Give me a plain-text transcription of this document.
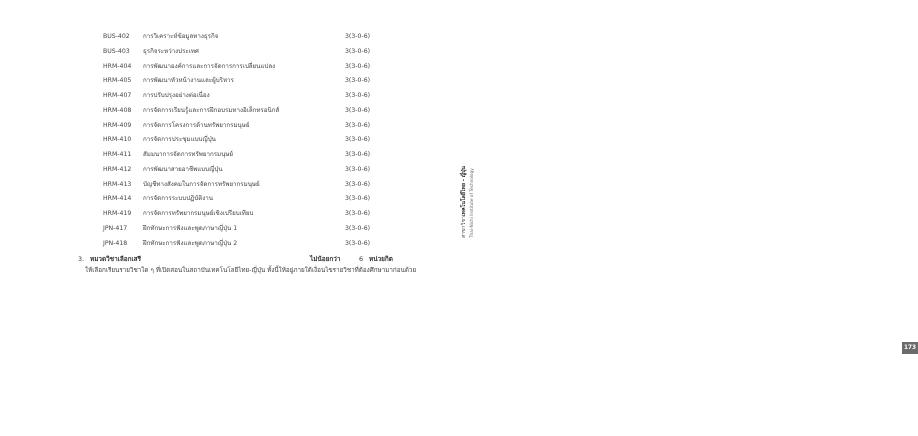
BUS-402 การวิเคราะห์ข้อมูลทางธุรกิจ	3(3-0-6)
BUS-403 ธุรกิจระหว่างประเทศ	3(3-0-6)
HRM-404 การพัฒนาองค์การและการจัดการการเปลี่ยนแปลง	3(3-0-6)
HRM-405 การพัฒนาหัวหน้างานและผู้บริหาร	3(3-0-6)
HRM-407 การปรับปรุงอย่างต่อเนื่อง	3(3-0-6)
HRM-408 การจัดการเรียนรู้และการฝึกอบรมทางอิเล็กทรอนิกส์	3(3-0-6)
HRM-409 การจัดการโครงการด้านทรัพยากรมนุษย์	3(3-0-6)
HRM-410 การจัดการประชุมแบบญี่ปุ่น	3(3-0-6)
HRM-411 สัมมนาการจัดการทรัพยากรมนุษย์	3(3-0-6)
HRM-412 การพัฒนาสายอาชีพแบบญี่ปุ่น	3(3-0-6)
HRM-413 บัญชีทางสังคมในการจัดการทรัพยากรมนุษย์	3(3-0-6)
HRM-414 การจัดการระบบปฏิบัติงาน	3(3-0-6)
HRM-419 การจัดการทรัพยากรมนุษย์เชิงเปรียบเทียบ	3(3-0-6)
JPN-417	ฝึกทักษะการฟังและพูดภาษาญี่ปุ่น 1	3(3-0-6)
JPN-418	ฝึกทักษะการฟังและพูดภาษาญี่ปุ่น 2	3(3-0-6)
3. หมวดวิชาเลือกเสรี	ไม่น้อยกว่า	6 หน่วยกิต
ให้เลือกเรียนรายวิชาใด ๆ ที่เปิดสอนในสถาบันเทคโนโลยีไทย-ญี่ปุ่น ทั้งนี้ให้อยู่ภายใต้เงื่อนไขรายวิชาที่ต้องศึกษามาก่อนด้วย
173
สาขาวิชาเทคโนโลยีไทย - ญี่ปุ่น Thai-Nichi Institute of Technology
